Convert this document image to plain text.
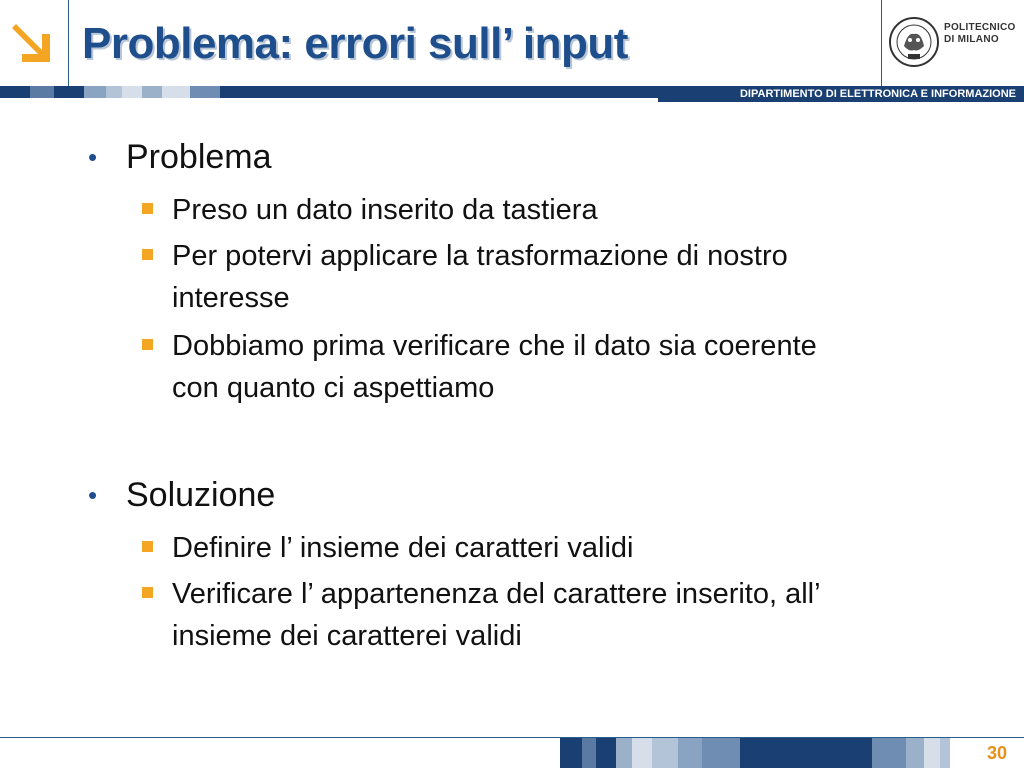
Problema: errori sull’ input	POLITECNICO
DI MILANO
DIPARTIMENTO DI ELETTRONICA E INFORMAZIONE
• Problema
Preso un dato inserito da tastiera
Per potervi applicare la trasformazione di nostro interesse
Dobbiamo prima verificare che il dato sia coerente con quanto ci aspettiamo
• Soluzione
Definire l’ insieme dei caratteri validi
Verificare l’ appartenenza del carattere inserito, all’ insieme dei caratterei validi
30
